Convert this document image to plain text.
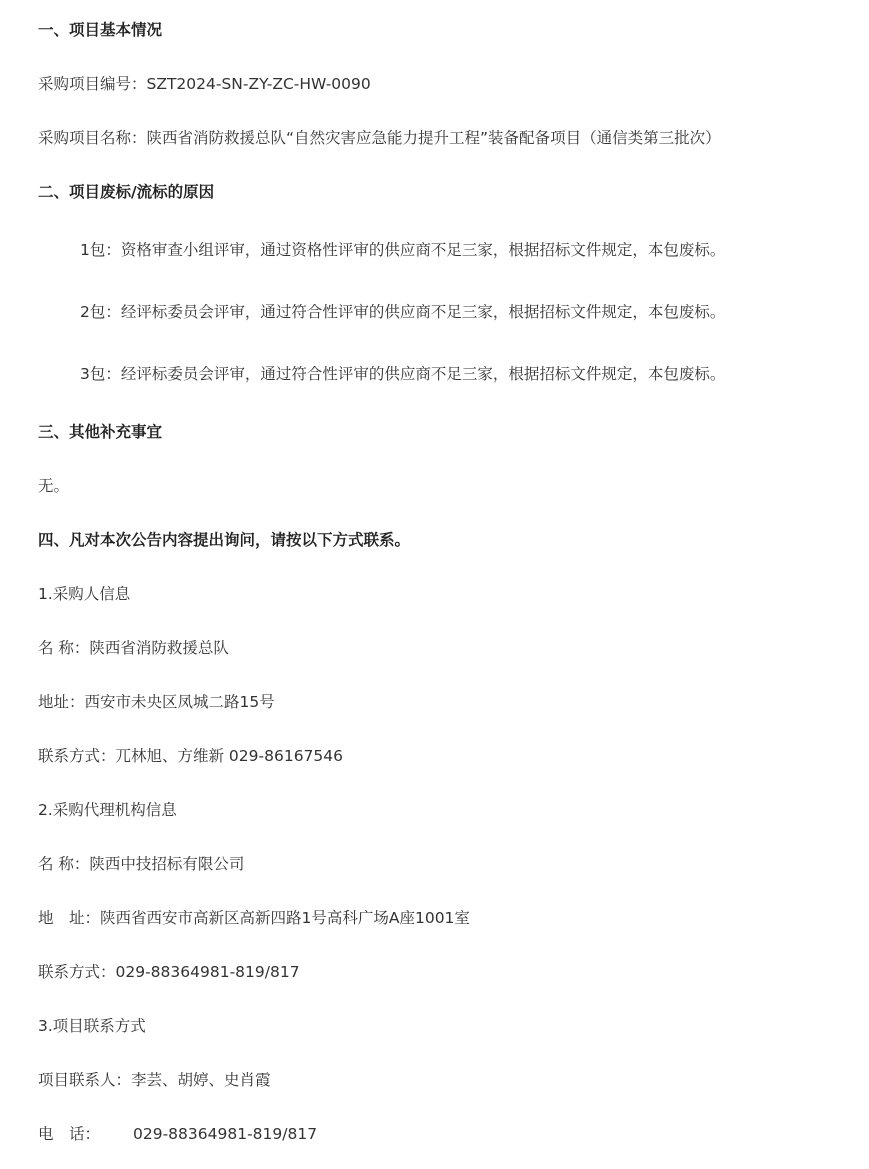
一、项目基本情况
采购项目编号：SZT2024-SN-ZY-ZC-HW-0090
采购项目名称：陕西省消防救援总队“自然灾害应急能力提升工程”装备配备项目（通信类第三批次）
二、项目废标/流标的原因
1包：资格审查小组评审，通过资格性评审的供应商不足三家，根据招标文件规定，本包废标。
2包：经评标委员会评审，通过符合性评审的供应商不足三家，根据招标文件规定，本包废标。
3包：经评标委员会评审，通过符合性评审的供应商不足三家，根据招标文件规定，本包废标。
三、其他补充事宜
无。
四、凡对本次公告内容提出询问，请按以下方式联系。
1.采购人信息
名 称：陕西省消防救援总队
地址：西安市未央区凤城二路15号
联系方式：兀林旭、方维新 029-86167546
2.采购代理机构信息
名 称：陕西中技招标有限公司
地　址：陕西省西安市高新区高新四路1号高科广场A座1001室
联系方式：029-88364981-819/817
3.项目联系方式
项目联系人：李芸、胡婷、史肖霞
电　话： 029-88364981-819/817
